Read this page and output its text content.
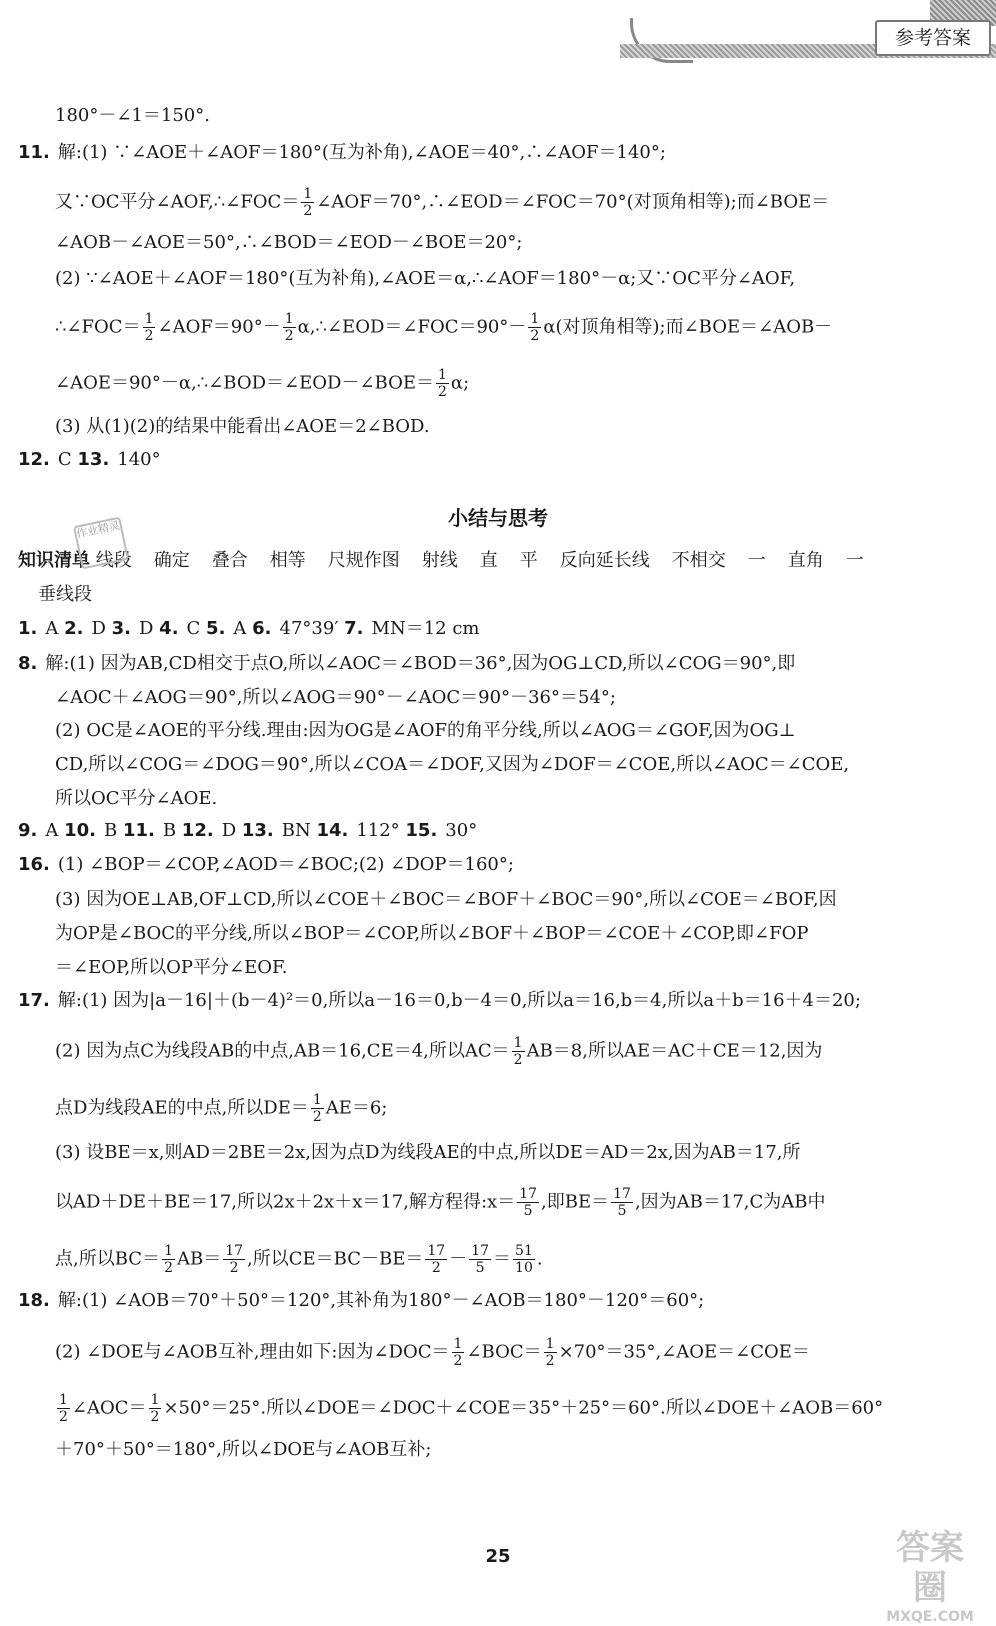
参考答案
180°－∠1＝150°.
11. 解:(1) ∵∠AOE＋∠AOF＝180°(互为补角),∠AOE＝40°,∴∠AOF＝140°;
又∵OC平分∠AOF,∴∠FOC＝ $\frac{1}{2}$ ∠AOF＝70°,∴∠EOD＝∠FOC＝70°(对顶角相等);而∠BOE＝
∠AOB－∠AOE＝50°,∴∠BOD＝∠EOD－∠BOE＝20°;
(2) ∵∠AOE＋∠AOF＝180°(互为补角),∠AOE＝α,∴∠AOF＝180°－α;又∵OC平分∠AOF,
∴∠FOC＝ $\frac{1}{2}$ ∠AOF＝90°－ $\frac{1}{2}$ α,∴∠EOD＝∠FOC＝90°－ $\frac{1}{2} \alpha$(对顶角相等);而∠BOE＝∠AOB－
∠AOE＝90°－α,∴∠BOD＝∠EOD－∠BOE＝ $\frac{1}{2} \alpha$;
(3) 从(1)(2)的结果中能看出∠AOE＝2∠BOD.
12. C 13. 140°
小结与思考
知识清单 线段 确定 叠合 相等 尺规作图 射线 直 平 反向延长线 不相交 一 直角 一
垂线段
作业精灵
1. A 2. D 3. D 4. C 5. A 6. 47°39′ 7. MN＝12 cm
8. 解:(1) 因为AB,CD相交于点O,所以∠AOC＝∠BOD＝36°,因为OG⊥CD,所以∠COG＝90°,即
∠AOC＋∠AOG＝90°,所以∠AOG＝90°－∠AOC＝90°－36°＝54°;
(2) OC是∠AOE的平分线.理由:因为OG是∠AOF的角平分线,所以∠AOG＝∠GOF,因为OG⊥
CD,所以∠COG＝∠DOG＝90°,所以∠COA＝∠DOF,又因为∠DOF＝∠COE,所以∠AOC＝∠COE,
所以OC平分∠AOE.
9. A 10. B 11. B 12. D 13. BN 14. 112° 15. 30°
16. (1) ∠BOP＝∠COP,∠AOD＝∠BOC;(2) ∠DOP＝160°;
(3) 因为OE⊥AB,OF⊥CD,所以∠COE＋∠BOC＝∠BOF＋∠BOC＝90°,所以∠COE＝∠BOF,因
为OP是∠BOC的平分线,所以∠BOP＝∠COP,所以∠BOF＋∠BOP＝∠COE＋∠COP,即∠FOP
＝∠EOP,所以OP平分∠EOF.
17. 解:(1) 因为|a－16|＋(b－4)²＝0,所以a－16＝0,b－4＝0,所以a＝16,b＝4,所以a＋b＝16＋4＝20;
(2) 因为点C为线段AB的中点,AB＝16,CE＝4,所以$AC= \frac{1}{2} AB=8$,所以AE＝AC＋CE＝12,因为
点D为线段AE的中点,所以$DE= \frac{1}{2} AE=6$;
(3) 设BE＝x,则AD＝2BE＝2x,因为点D为线段AE的中点,所以DE＝AD＝2x,因为AB＝17,所
以AD＋DE＋BE＝17,所以2x＋2x＋x＝17,解方程得:x＝ $\frac{17}{5}$ ,即$BE= \frac{17}{5}$ ,因为AB＝17,C为AB中
点,所以$BC= \frac{1}{2} AB= \frac{17}{2}$ ,所以$CE=BC-BE= \frac{17}{2} - \frac{17}{5} = \frac{51}{10}$ .
18. 解:(1) ∠AOB＝70°＋50°＝120°,其补角为180°－∠AOB＝180°－120°＝60°;
(2) ∠DOE与∠AOB互补,理由如下:因为∠DOC＝ $\frac{1}{2}$ ∠BOC＝ $\frac{1}{2}$ ×70°＝35°,∠AOE＝∠COE＝
$\frac{1}{2}$ ∠AOC＝ $\frac{1}{2} \times 50^\circ=25^\circ$.所以∠DOE＝∠DOC＋∠COE＝35°＋25°＝60°.所以∠DOE＋∠AOB＝60°
＋70°＋50°＝180°,所以∠DOE与∠AOB互补;
25	答案圈
MXQE.COM
